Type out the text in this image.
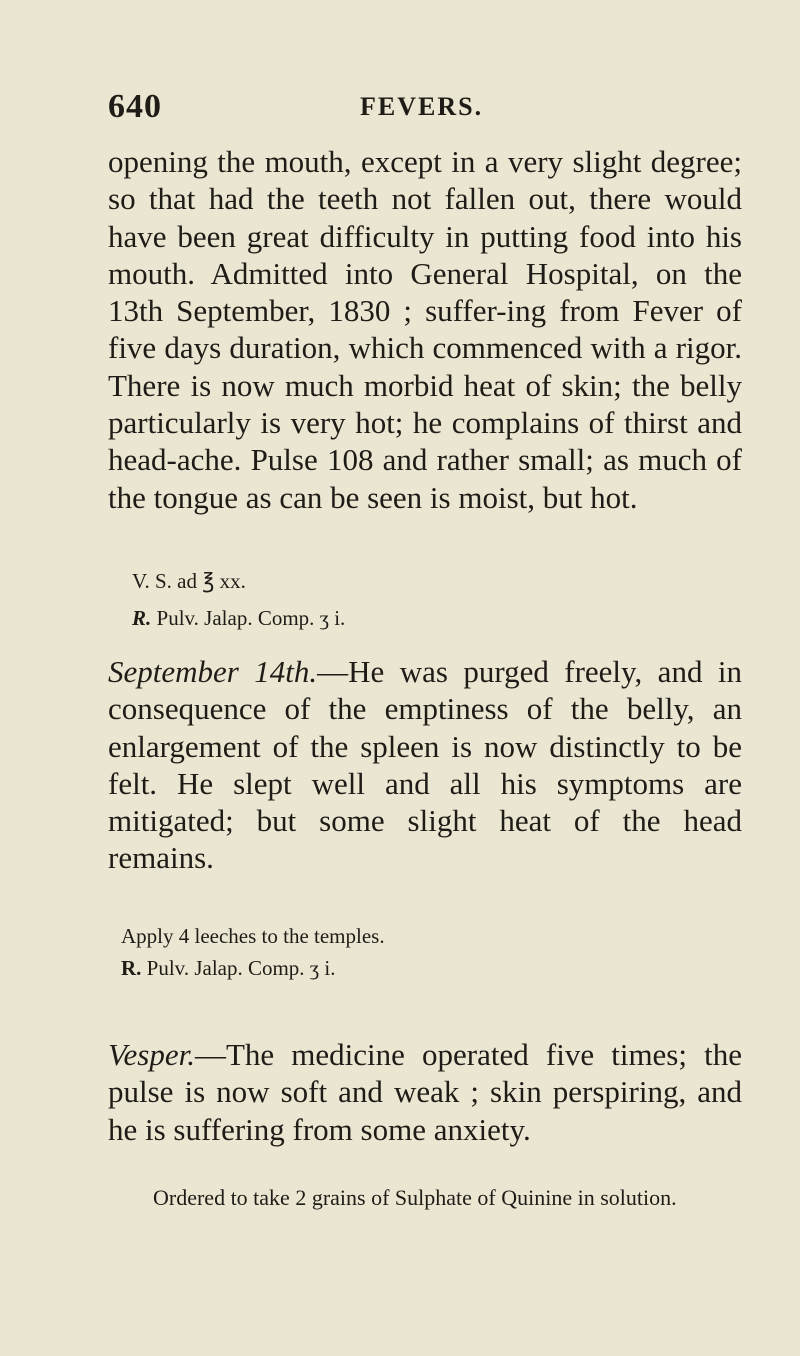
640	FEVERS.

opening the mouth, except in a very slight degree; so that had the teeth not fallen out, there would have been great difficulty in putting food into his mouth. Admitted into General Hospital, on the 13th September, 1830 ; suffer-ing from Fever of five days duration, which commenced with a rigor. There is now much morbid heat of skin; the belly particularly is very hot; he complains of thirst and head-ache. Pulse 108 and rather small; as much of the tongue as can be seen is moist, but hot.

V. S. ad ℥ xx.

R. Pulv. Jalap. Comp. ʒ i.

September 14th.—He was purged freely, and in consequence of the emptiness of the belly, an enlargement of the spleen is now distinctly to be felt. He slept well and all his symptoms are mitigated; but some slight heat of the head remains.

Apply 4 leeches to the temples.

R. Pulv. Jalap. Comp. ʒ i.

Vesper.—The medicine operated five times; the pulse is now soft and weak ; skin perspiring, and he is suffering from some anxiety.

Ordered to take 2 grains of Sulphate of Quinine in solution.
